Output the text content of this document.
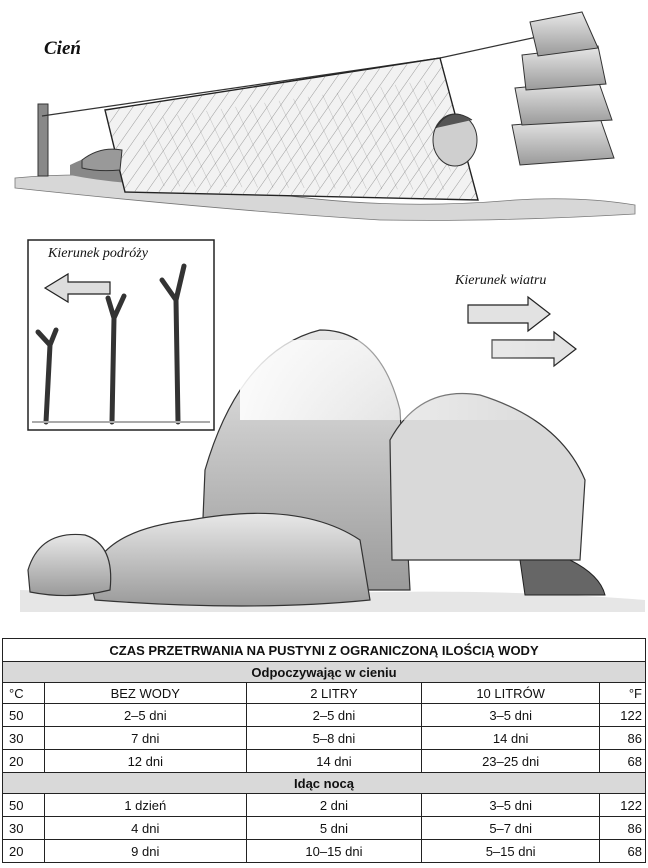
Cień
Kierunek podróży
Kierunek wiatru
CZAS PRZETRWANIA NA PUSTYNI Z OGRANICZONĄ ILOŚCIĄ WODY				
Odpoczywając w cieniu				
°C	BEZ WODY	2 LITRY	10 LITRÓW	°F
50	2–5 dni	2–5 dni	3–5 dni	122
30	7 dni	5–8 dni	14 dni	86
20	12 dni	14 dni	23–25 dni	68
Idąc nocą				
50	1 dzień	2 dni	3–5 dni	122
30	4 dni	5 dni	5–7 dni	86
20	9 dni	10–15 dni	5–15 dni	68
